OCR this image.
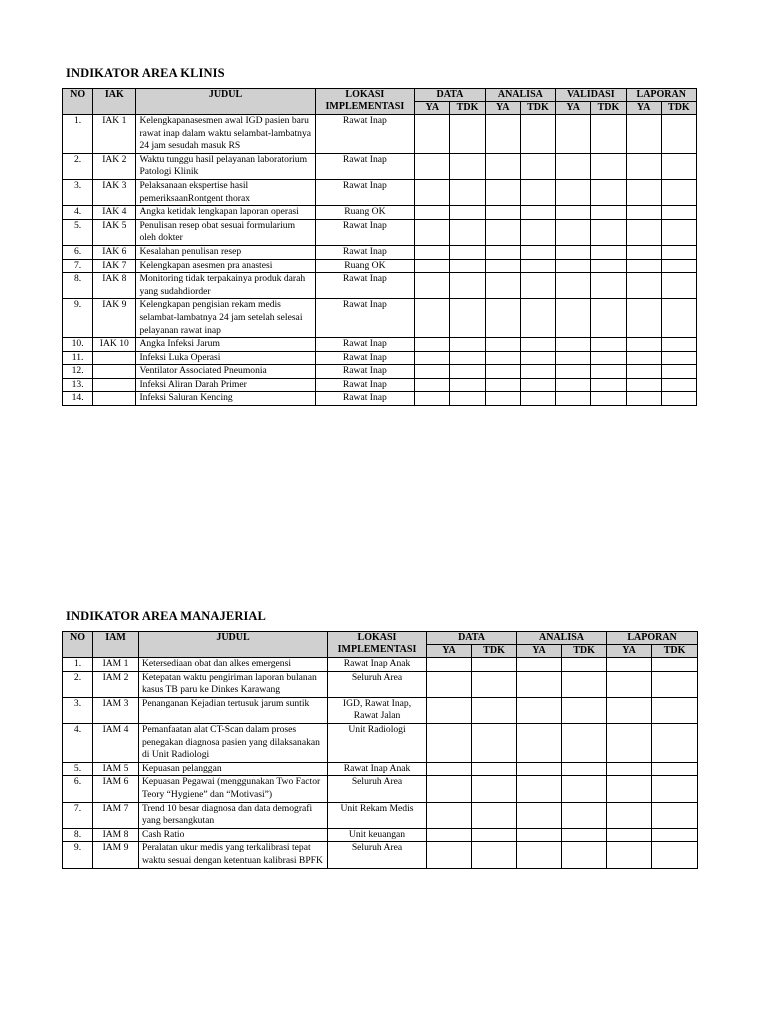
INDIKATOR AREA KLINIS
NO	IAK	JUDUL	LOKASI IMPLEMENTASI	DATA		ANALISA		VALIDASI		LAPORAN	
				YA	TDK	YA	TDK	YA	TDK	YA	TDK
1.	IAK 1	Kelengkapanasesmen awal IGD pasien baru rawat inap dalam waktu selambat-lambatnya 24 jam sesudah masuk RS	Rawat Inap								
2.	IAK 2	Waktu tunggu hasil pelayanan laboratorium Patologi Klinik	Rawat Inap								
3.	IAK 3	Pelaksanaan ekspertise hasil pemeriksaanRontgent thorax	Rawat Inap								
4.	IAK 4	Angka ketidak lengkapan laporan operasi	Ruang OK								
5.	IAK 5	Penulisan resep obat sesuai formularium oleh dokter	Rawat Inap								
6.	IAK 6	Kesalahan penulisan resep	Rawat Inap								
7.	IAK 7	Kelengkapan asesmen pra anastesi	Ruang OK								
8.	IAK 8	Monitoring tidak terpakainya produk darah yang sudahdiorder	Rawat Inap								
9.	IAK 9	Kelengkapan pengisian rekam medis selambat-lambatnya 24 jam setelah selesai pelayanan rawat inap	Rawat Inap								
10.	IAK 10	Angka Infeksi Jarum	Rawat Inap								
11.		Infeksi Luka Operasi	Rawat Inap								
12.		Ventilator Associated Pneumonia	Rawat Inap								
13.		Infeksi Aliran Darah Primer	Rawat Inap								
14.		Infeksi Saluran Kencing	Rawat Inap								
INDIKATOR AREA MANAJERIAL
NO	IAM	JUDUL	LOKASI IMPLEMENTASI	DATA		ANALISA		LAPORAN	
				YA	TDK	YA	TDK	YA	TDK
1.	IAM 1	Ketersediaan obat dan alkes emergensi	Rawat Inap Anak						
2.	IAM 2	Ketepatan waktu pengiriman laporan bulanan kasus TB paru ke Dinkes Karawang	Seluruh Area						
3.	IAM 3	Penanganan Kejadian tertusuk jarum suntik	IGD, Rawat Inap, Rawat Jalan						
4.	IAM 4	Pemanfaatan alat CT-Scan dalam proses penegakan diagnosa pasien yang dilaksanakan di Unit Radiologi	Unit Radiologi						
5.	IAM 5	Kepuasan pelanggan	Rawat Inap Anak						
6.	IAM 6	Kepuasan Pegawai (menggunakan Two Factor Teory “Hygiene” dan “Motivasi”)	Seluruh Area						
7.	IAM 7	Trend 10 besar diagnosa dan data demografi yang bersangkutan	Unit Rekam Medis						
8.	IAM 8	Cash Ratio	Unit keuangan						
9.	IAM 9	Peralatan ukur medis yang terkalibrasi tepat waktu sesuai dengan ketentuan kalibrasi BPFK	Seluruh Area						
